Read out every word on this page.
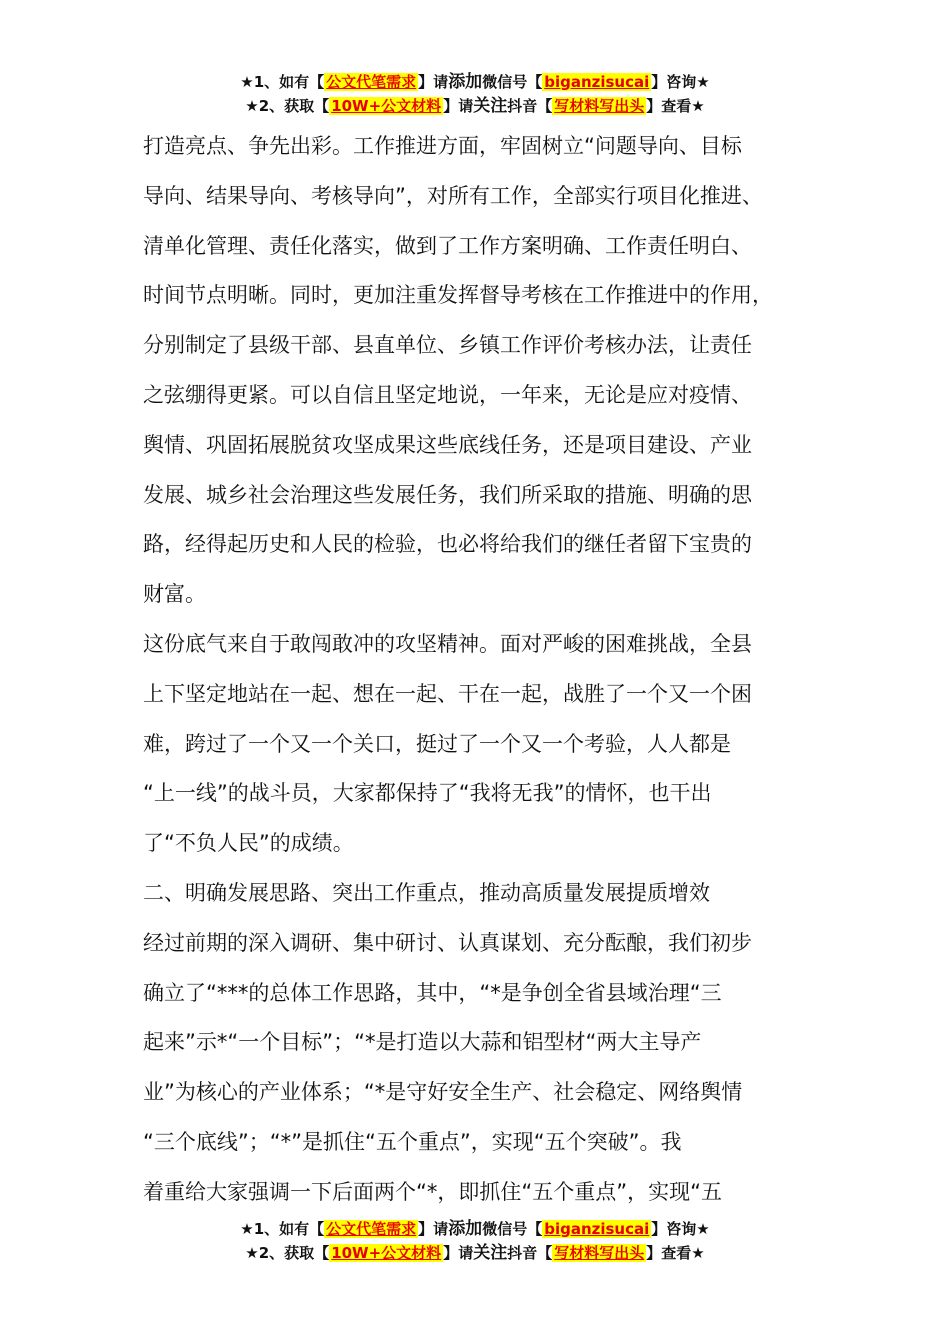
★1、如有【 公文代笔需求 】请添加微信号【 biganzisucai 】咨询★
★2、获取【 10W+公文材料 】请关注抖音【 写材料写出头 】查看★

打造亮点、争先出彩。工作推进方面，牢固树立“问题导向、目标

导向、结果导向、考核导向”，对所有工作，全部实行项目化推进、

清单化管理、责任化落实，做到了工作方案明确、工作责任明白、

时间节点明晰。同时，更加注重发挥督导考核在工作推进中的作用，

分别制定了县级干部、县直单位、乡镇工作评价考核办法，让责任

之弦绷得更紧。可以自信且坚定地说，一年来，无论是应对疫情、

舆情、巩固拓展脱贫攻坚成果这些底线任务，还是项目建设、产业

发展、城乡社会治理这些发展任务，我们所采取的措施、明确的思

路，经得起历史和人民的检验，也必将给我们的继任者留下宝贵的

财富。

这份底气来自于敢闯敢冲的攻坚精神。面对严峻的困难挑战，全县

上下坚定地站在一起、想在一起、干在一起，战胜了一个又一个困

难，跨过了一个又一个关口，挺过了一个又一个考验，人人都是

“上一线”的战斗员，大家都保持了“我将无我”的情怀，也干出

了“不负人民”的成绩。

二、明确发展思路、突出工作重点，推动高质量发展提质增效

经过前期的深入调研、集中研讨、认真谋划、充分酝酿，我们初步

确立了“***的总体工作思路，其中，“*是争创全省县域治理“三

起来”示*“一个目标”；“*是打造以大蒜和铝型材“两大主导产

业”为核心的产业体系；“*是守好安全生产、社会稳定、网络舆情

“三个底线”；“*”是抓住“五个重点”，实现“五个突破”。我

着重给大家强调一下后面两个“*，即抓住“五个重点”，实现“五

★1、如有【 公文代笔需求 】请添加微信号【 biganzisucai 】咨询★
★2、获取【 10W+公文材料 】请关注抖音【 写材料写出头 】查看★
